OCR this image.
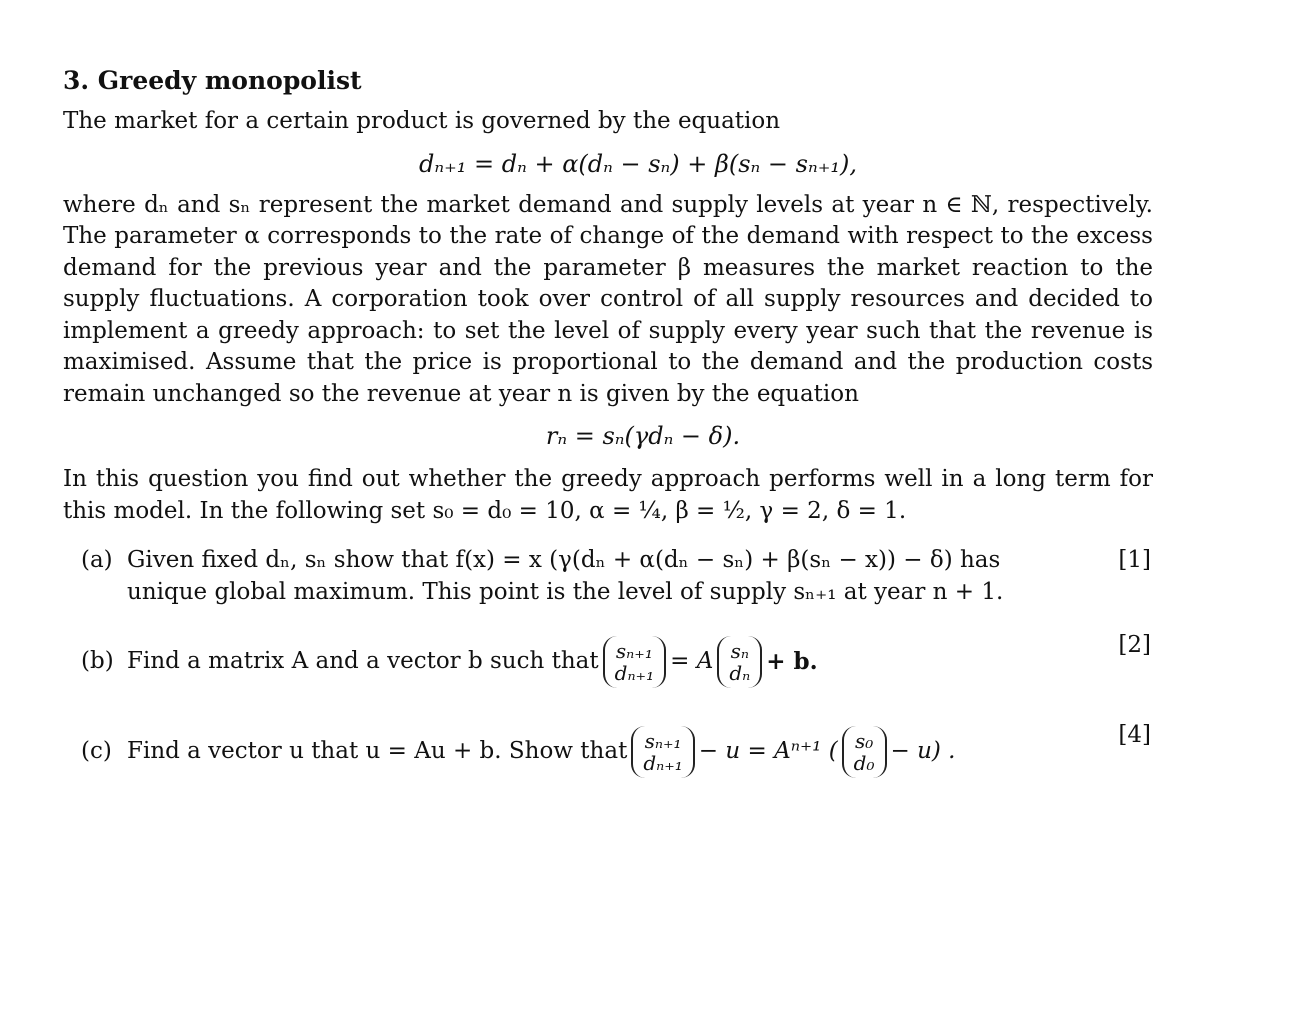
3. Greedy monopolist

The market for a certain product is governed by the equation

dₙ₊₁ = dₙ + α(dₙ − sₙ) + β(sₙ − sₙ₊₁),

where dₙ and sₙ represent the market demand and supply levels at year n ∈ ℕ, respectively. The parameter α corresponds to the rate of change of the demand with respect to the excess demand for the previous year and the parameter β measures the market reaction to the supply fluctuations. A corporation took over control of all supply resources and decided to implement a greedy approach: to set the level of supply every year such that the revenue is maximised. Assume that the price is proportional to the demand and the production costs remain unchanged so the revenue at year n is given by the equation

rₙ = sₙ(γdₙ − δ).

In this question you find out whether the greedy approach performs well in a long term for this model. In the following set s₀ = d₀ = 10, α = ¼, β = ½, γ = 2, δ = 1.

(a) Given fixed dₙ, sₙ show that f(x) = x (γ(dₙ + α(dₙ − sₙ) + β(sₙ − x)) − δ) has unique global maximum. This point is the level of supply sₙ₊₁ at year n + 1.
[1]
(b) Find a matrix A and a vector b such that sₙ₊₁
dₙ₊₁ = A sₙ
dₙ + b.
[2]
(c) Find a vector u that u = Au + b. Show that sₙ₊₁
dₙ₊₁ − u = Aⁿ⁺¹ ( s₀
d₀ − u) .
[4]
